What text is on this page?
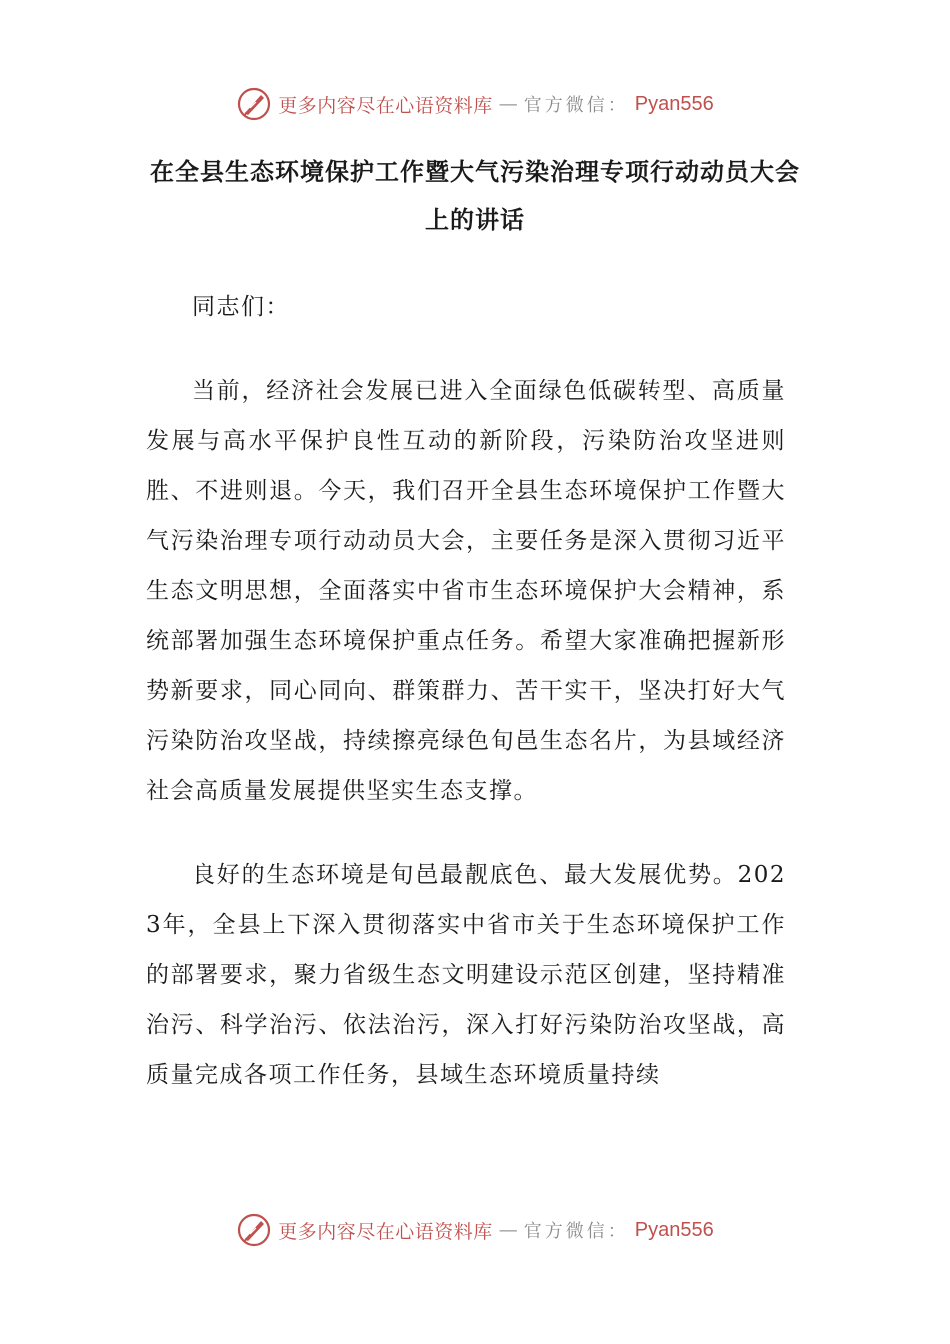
更多内容尽在心语资料库 — 官方微信： Pyan556
在全县生态环境保护工作暨大气污染治理专项行动动员大会上的讲话

同志们：

当前，经济社会发展已进入全面绿色低碳转型、高质量发展与高水平保护良性互动的新阶段，污染防治攻坚进则胜、不进则退。今天，我们召开全县生态环境保护工作暨大气污染治理专项行动动员大会，主要任务是深入贯彻习近平生态文明思想，全面落实中省市生态环境保护大会精神，系统部署加强生态环境保护重点任务。希望大家准确把握新形势新要求，同心同向、群策群力、苦干实干，坚决打好大气污染防治攻坚战，持续擦亮绿色旬邑生态名片，为县域经济社会高质量发展提供坚实生态支撑。

良好的生态环境是旬邑最靓底色、最大发展优势。2023年，全县上下深入贯彻落实中省市关于生态环境保护工作的部署要求，聚力省级生态文明建设示范区创建，坚持精准治污、科学治污、依法治污，深入打好污染防治攻坚战，高质量完成各项工作任务，县域生态环境质量持续

更多内容尽在心语资料库 — 官方微信： Pyan556
